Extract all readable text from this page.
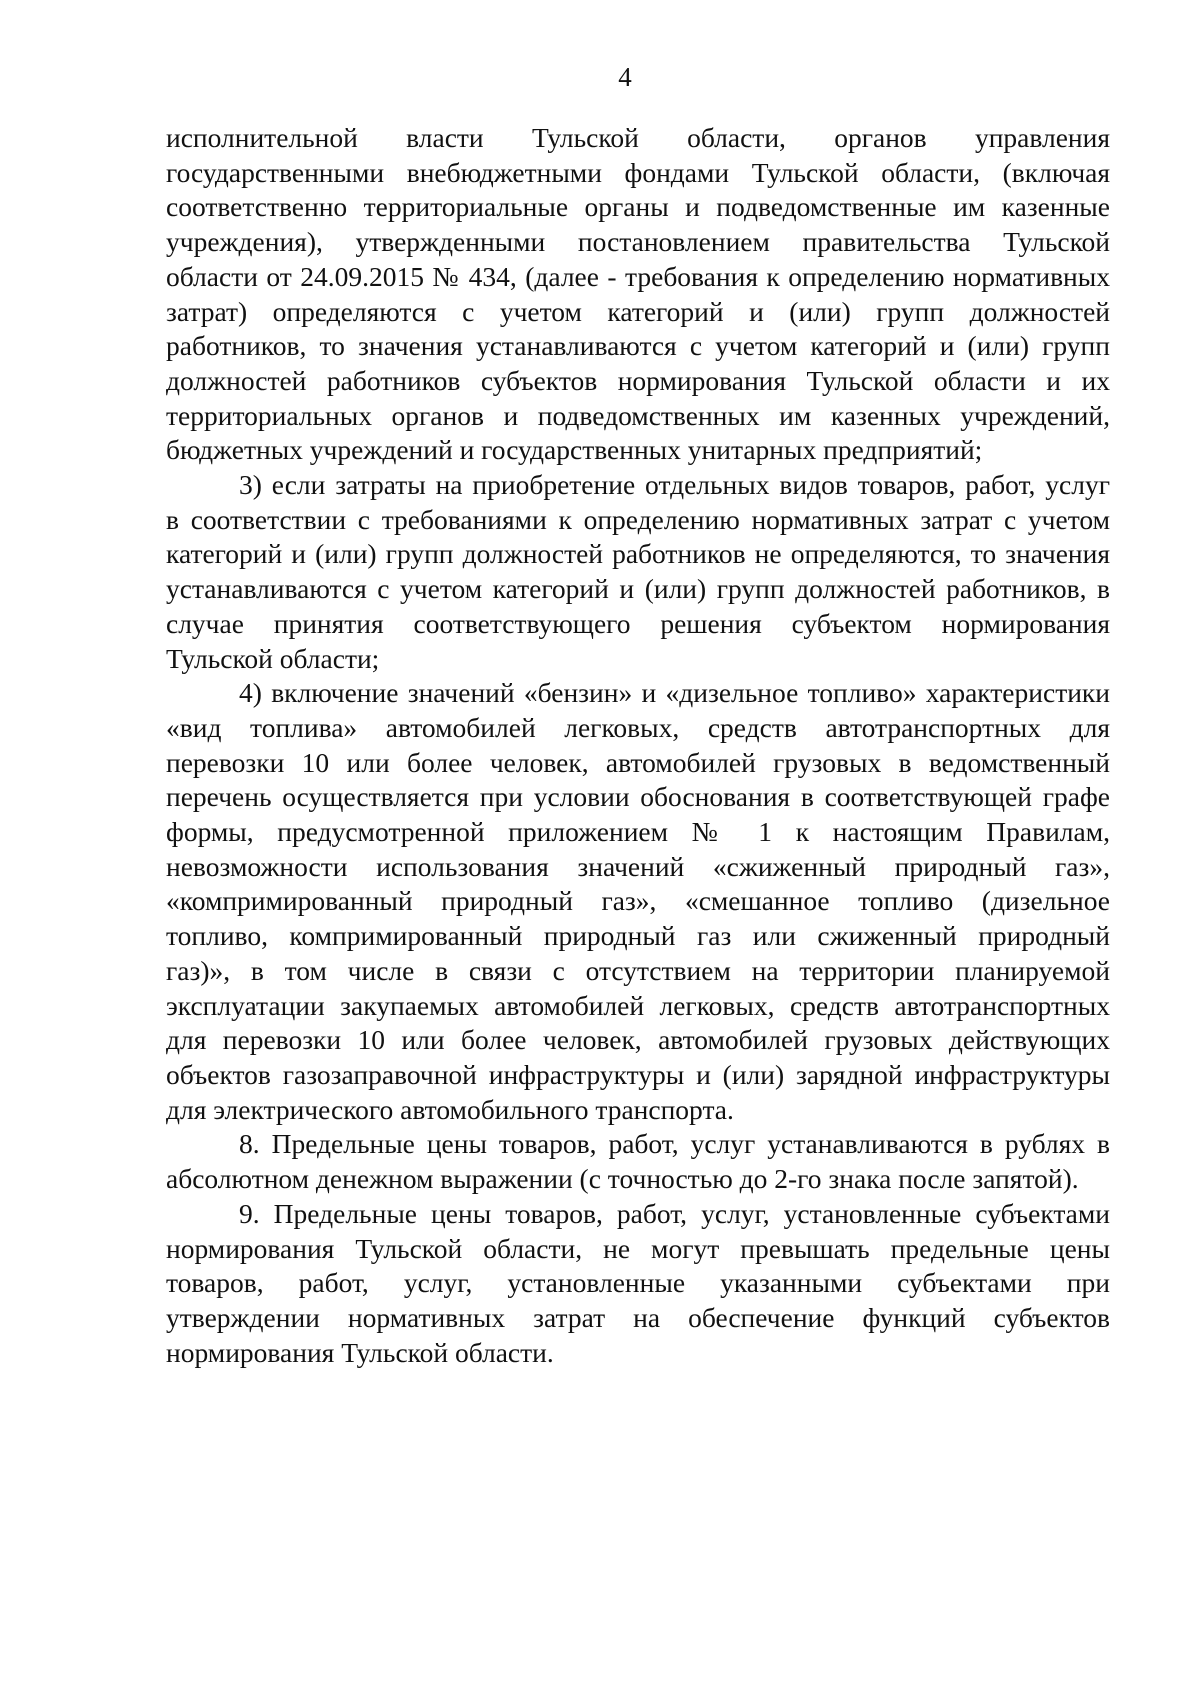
4

исполнительной власти Тульской области, органов управления
государственными внебюджетными фондами Тульской области, (включая
соответственно территориальные органы и подведомственные им казенные
учреждения), утвержденными постановлением правительства Тульской
области от 24.09.2015 № 434, (далее - требования к определению нормативных
затрат) определяются с учетом категорий и (или) групп должностей
работников, то значения устанавливаются с учетом категорий и (или) групп
должностей работников субъектов нормирования Тульской области и их
территориальных органов и подведомственных им казенных учреждений,
бюджетных учреждений и государственных унитарных предприятий;

3) если затраты на приобретение отдельных видов товаров, работ, услуг
в соответствии с требованиями к определению нормативных затрат с учетом
категорий и (или) групп должностей работников не определяются, то значения
устанавливаются с учетом категорий и (или) групп должностей работников, в
случае принятия соответствующего решения субъектом нормирования
Тульской области;

4) включение значений «бензин» и «дизельное топливо» характеристики
«вид топлива» автомобилей легковых, средств автотранспортных для
перевозки 10 или более человек, автомобилей грузовых в ведомственный
перечень осуществляется при условии обоснования в соответствующей графе
формы, предусмотренной приложением № 1 к настоящим Правилам,
невозможности использования значений «сжиженный природный газ»,
«компримированный природный газ», «смешанное топливо (дизельное
топливо, компримированный природный газ или сжиженный природный
газ)», в том числе в связи с отсутствием на территории планируемой
эксплуатации закупаемых автомобилей легковых, средств автотранспортных
для перевозки 10 или более человек, автомобилей грузовых действующих
объектов газозаправочной инфраструктуры и (или) зарядной инфраструктуры
для электрического автомобильного транспорта.

8. Предельные цены товаров, работ, услуг устанавливаются в рублях в
абсолютном денежном выражении (с точностью до 2-го знака после запятой).

9. Предельные цены товаров, работ, услуг, установленные субъектами
нормирования Тульской области, не могут превышать предельные цены
товаров, работ, услуг, установленные указанными субъектами при
утверждении нормативных затрат на обеспечение функций субъектов
нормирования Тульской области.
